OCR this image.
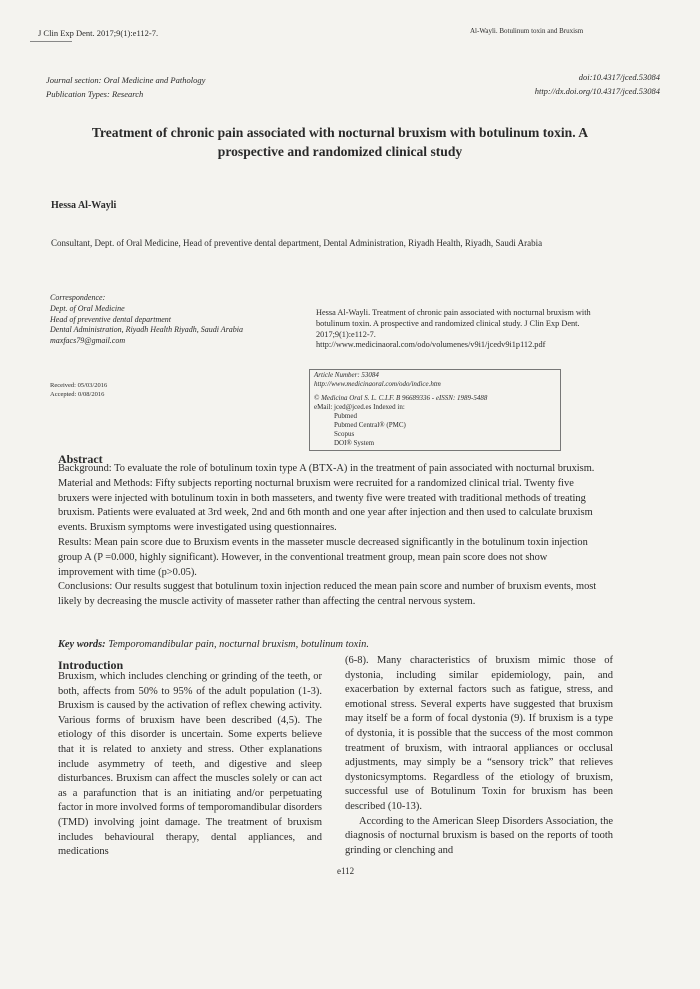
J Clin Exp Dent. 2017;9(1):e112-7.	Al-Wayli. Botulinum toxin and Bruxism
Journal section: Oral Medicine and Pathology
Publication Types: Research
doi:10.4317/jced.53084
http://dx.doi.org/10.4317/jced.53084
Treatment of chronic pain associated with nocturnal bruxism with botulinum toxin. A prospective and randomized clinical study
Hessa Al-Wayli
Consultant, Dept. of Oral Medicine, Head of preventive dental department, Dental Administration, Riyadh Health, Riyadh, Saudi Arabia
Correspondence:
Dept. of Oral Medicine
Head of preventive dental department
Dental Administration, Riyadh Health Riyadh, Saudi Arabia
maxfacs79@gmail.com
Received: 05/03/2016
Accepted: 0/08/2016
Hessa Al-Wayli. Treatment of chronic pain associated with nocturnal bruxism with botulinum toxin. A prospective and randomized clinical study. J Clin Exp Dent. 2017;9(1):e112-7. http://www.medicinaoral.com/odo/volumenes/v9i1/jcedv9i1p112.pdf
Article Number: 53084
http://www.medicinaoral.com/odo/indice.htm
© Medicina Oral S. L. C.I.F. B 96689336 - eISSN: 1989-5488
eMail: jced@jced.es Indexed in:
Pubmed
Pubmed Central® (PMC)
Scopus
DOI® System
Abstract

Background: To evaluate the role of botulinum toxin type A (BTX-A) in the treatment of pain associated with nocturnal bruxism.

Material and Methods: Fifty subjects reporting nocturnal bruxism were recruited for a randomized clinical trial. Twenty five bruxers were injected with botulinum toxin in both masseters, and twenty five were treated with traditional methods of treating bruxism. Patients were evaluated at 3rd week, 2nd and 6th month and one year after injection and then used to calculate bruxism events. Bruxism symptoms were investigated using questionnaires.

Results: Mean pain score due to Bruxism events in the masseter muscle decreased significantly in the botulinum toxin injection group A (P =0.000, highly significant). However, in the conventional treatment group, mean pain score does not show improvement with time (p>0.05).

Conclusions: Our results suggest that botulinum toxin injection reduced the mean pain score and number of bruxism events, most likely by decreasing the muscle activity of masseter rather than affecting the central nervous system.

Key words: Temporomandibular pain, nocturnal bruxism, botulinum toxin.
Introduction

Bruxism, which includes clenching or grinding of the teeth, or both, affects from 50% to 95% of the adult population (1-3). Bruxism is caused by the activation of reflex chewing activity. Various forms of bruxism have been described (4,5). The etiology of this disorder is uncertain. Some experts believe that it is related to anxiety and stress. Other explanations include asymmetry of teeth, and digestive and sleep disturbances. Bruxism can affect the muscles solely or can act as a parafunction that is an initiating and/or perpetuating factor in more involved forms of temporomandibular disorders (TMD) involving joint damage. The treatment of bruxism includes behavioural therapy, dental appliances, and medications

(6-8). Many characteristics of bruxism mimic those of dystonia, including similar epidemiology, pain, and exacerbation by external factors such as fatigue, stress, and emotional stress. Several experts have suggested that bruxism may itself be a form of focal dystonia (9). If bruxism is a type of dystonia, it is possible that the success of the most common treatment of bruxism, with intraoral appliances or occlusal adjustments, may simply be a “sensory trick” that relieves dystonicsymptoms. Regardless of the etiology of bruxism, successful use of Botulinum Toxin for bruxism has been described (10-13).

According to the American Sleep Disorders Association, the diagnosis of nocturnal bruxism is based on the reports of tooth grinding or clenching and

e112
